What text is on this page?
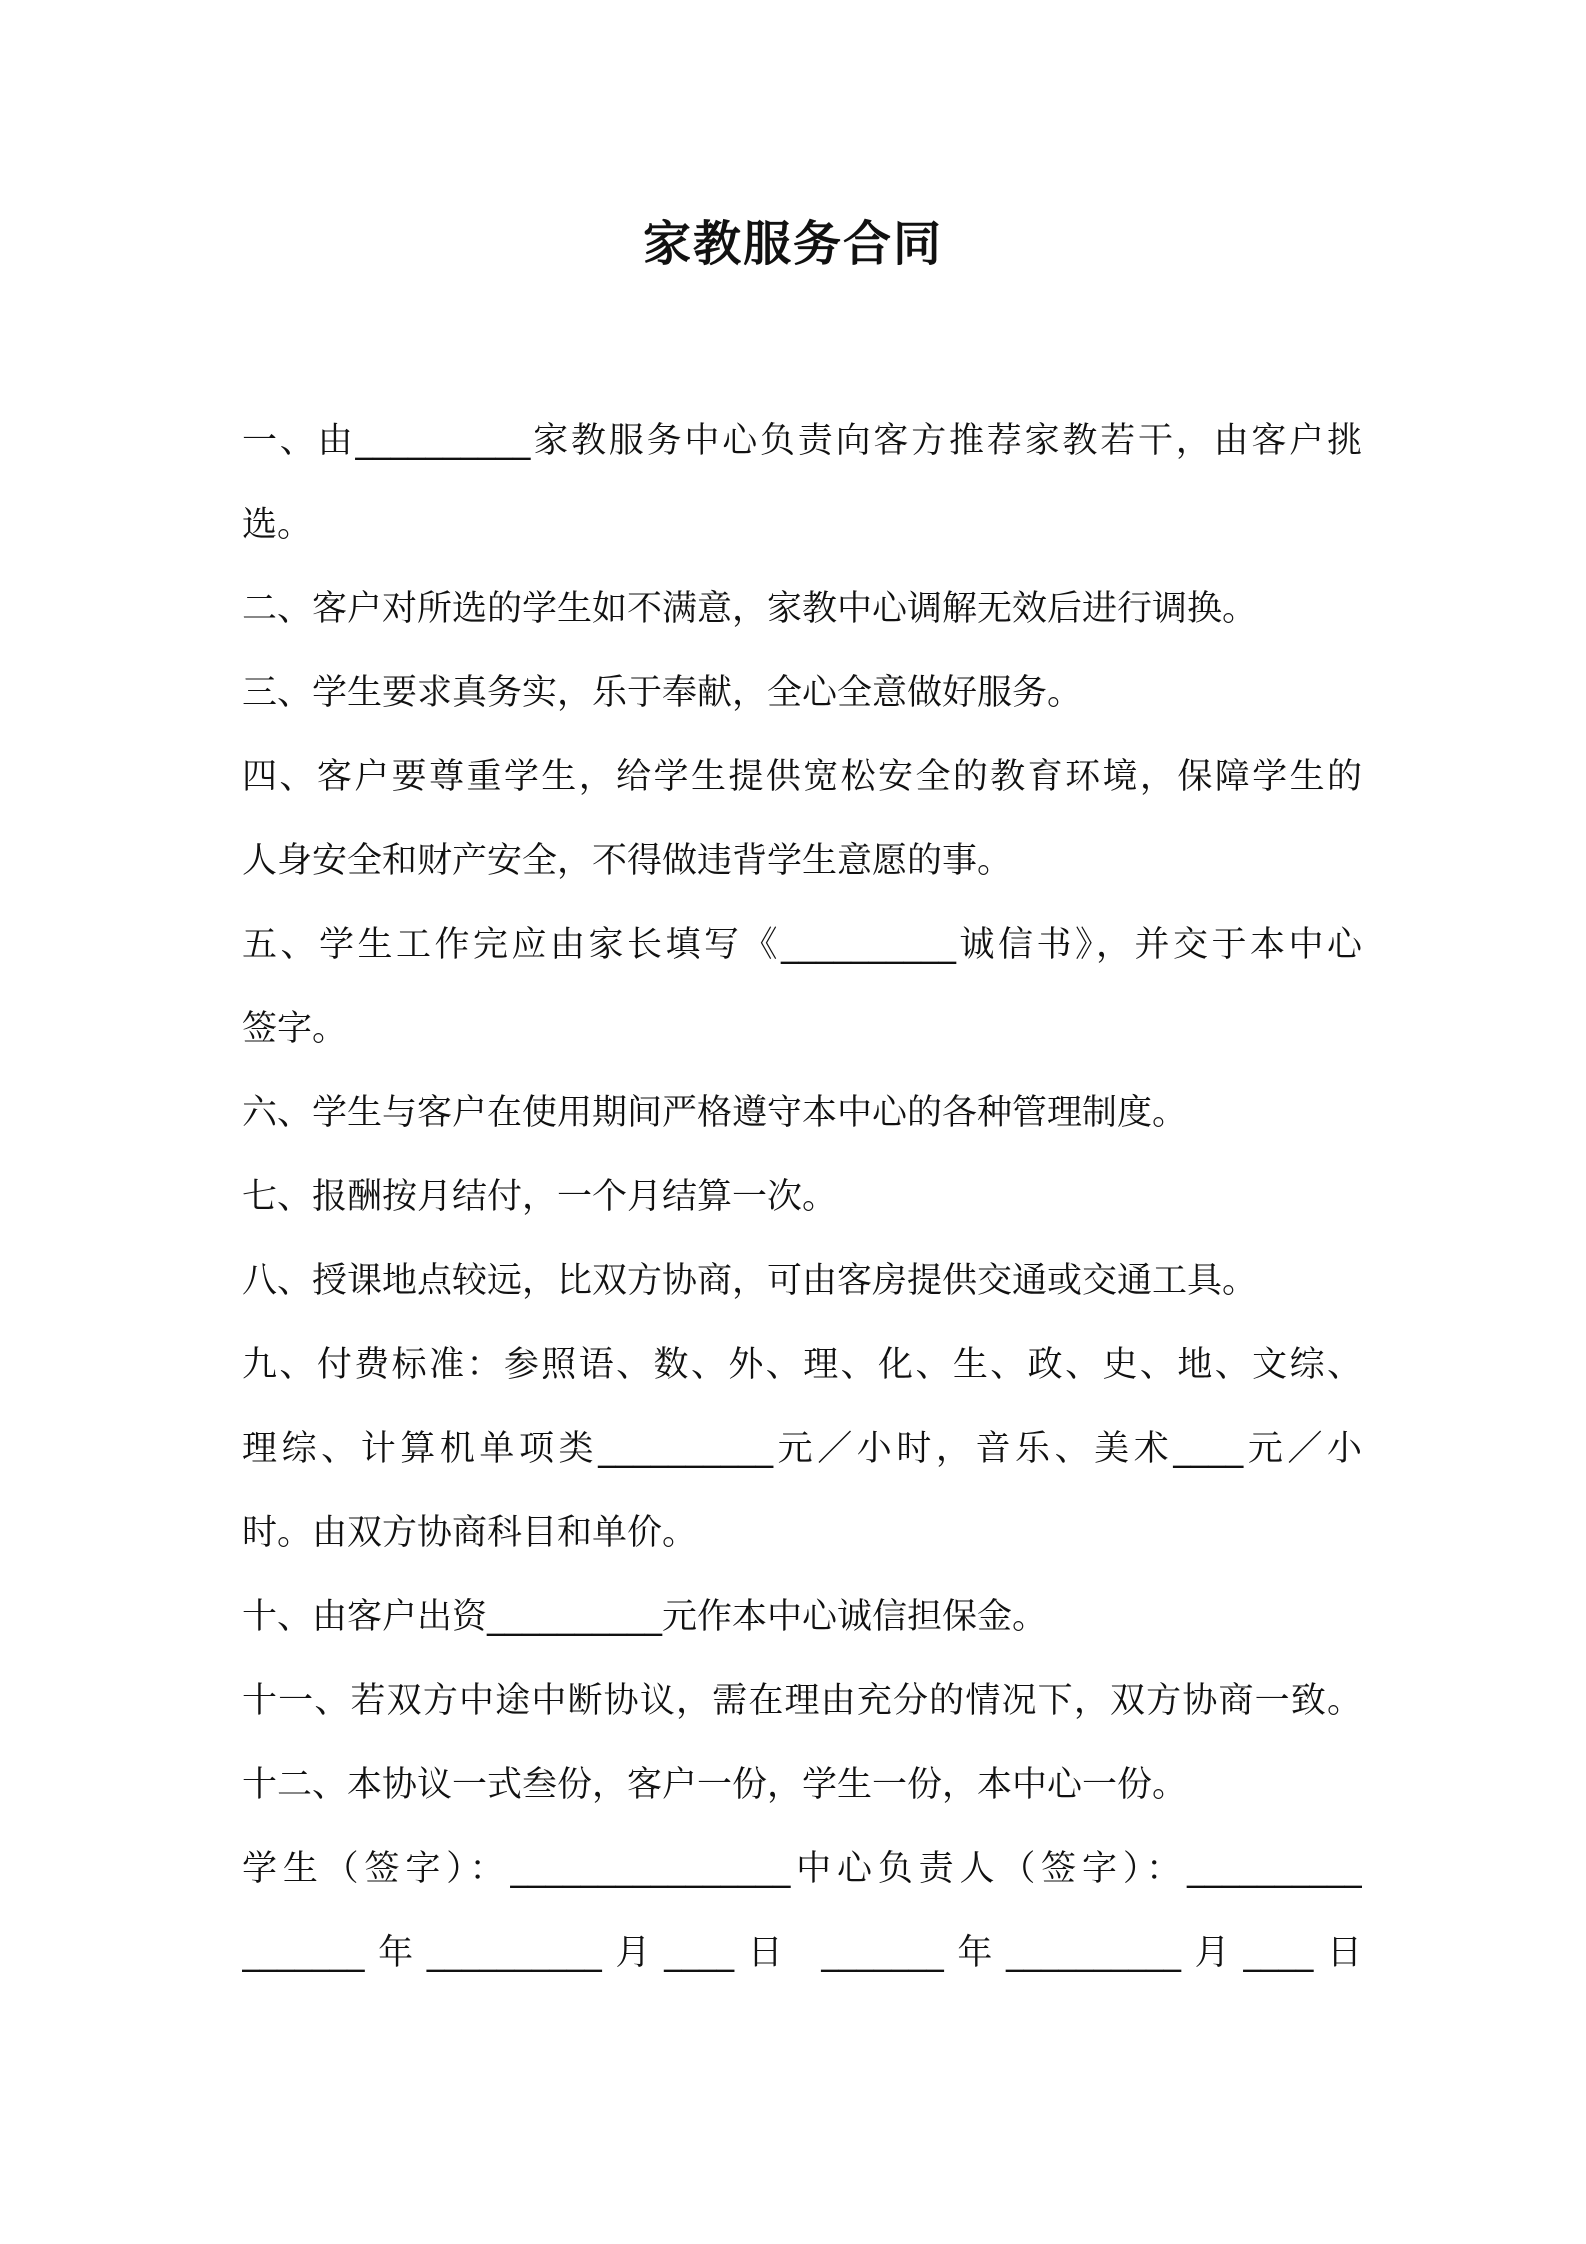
家教服务合同
一、由__________家教服务中心负责向客方推荐家教若干，由客户挑
选。
二、客户对所选的学生如不满意，家教中心调解无效后进行调换。
三、学生要求真务实，乐于奉献，全心全意做好服务。
四、客户要尊重学生，给学生提供宽松安全的教育环境，保障学生的
人身安全和财产安全，不得做违背学生意愿的事。
五、学生工作完应由家长填写《__________诚信书》，并交于本中心
签字。
六、学生与客户在使用期间严格遵守本中心的各种管理制度。
七、报酬按月结付，一个月结算一次。
八、授课地点较远，比双方协商，可由客房提供交通或交通工具。
九、付费标准：参照语、数、外、理、化、生、政、史、地、文综、
理综、计算机单项类__________元／小时，音乐、美术____元／小
时。由双方协商科目和单价。
十、由客户出资__________元作本中心诚信担保金。
十一、若双方中途中断协议，需在理由充分的情况下，双方协商一致。
十二、本协议一式叁份，客户一份，学生一份，本中心一份。
学生（签字）：________________中心负责人（签字）：__________
_______年__________月____日 _______年__________月____日
